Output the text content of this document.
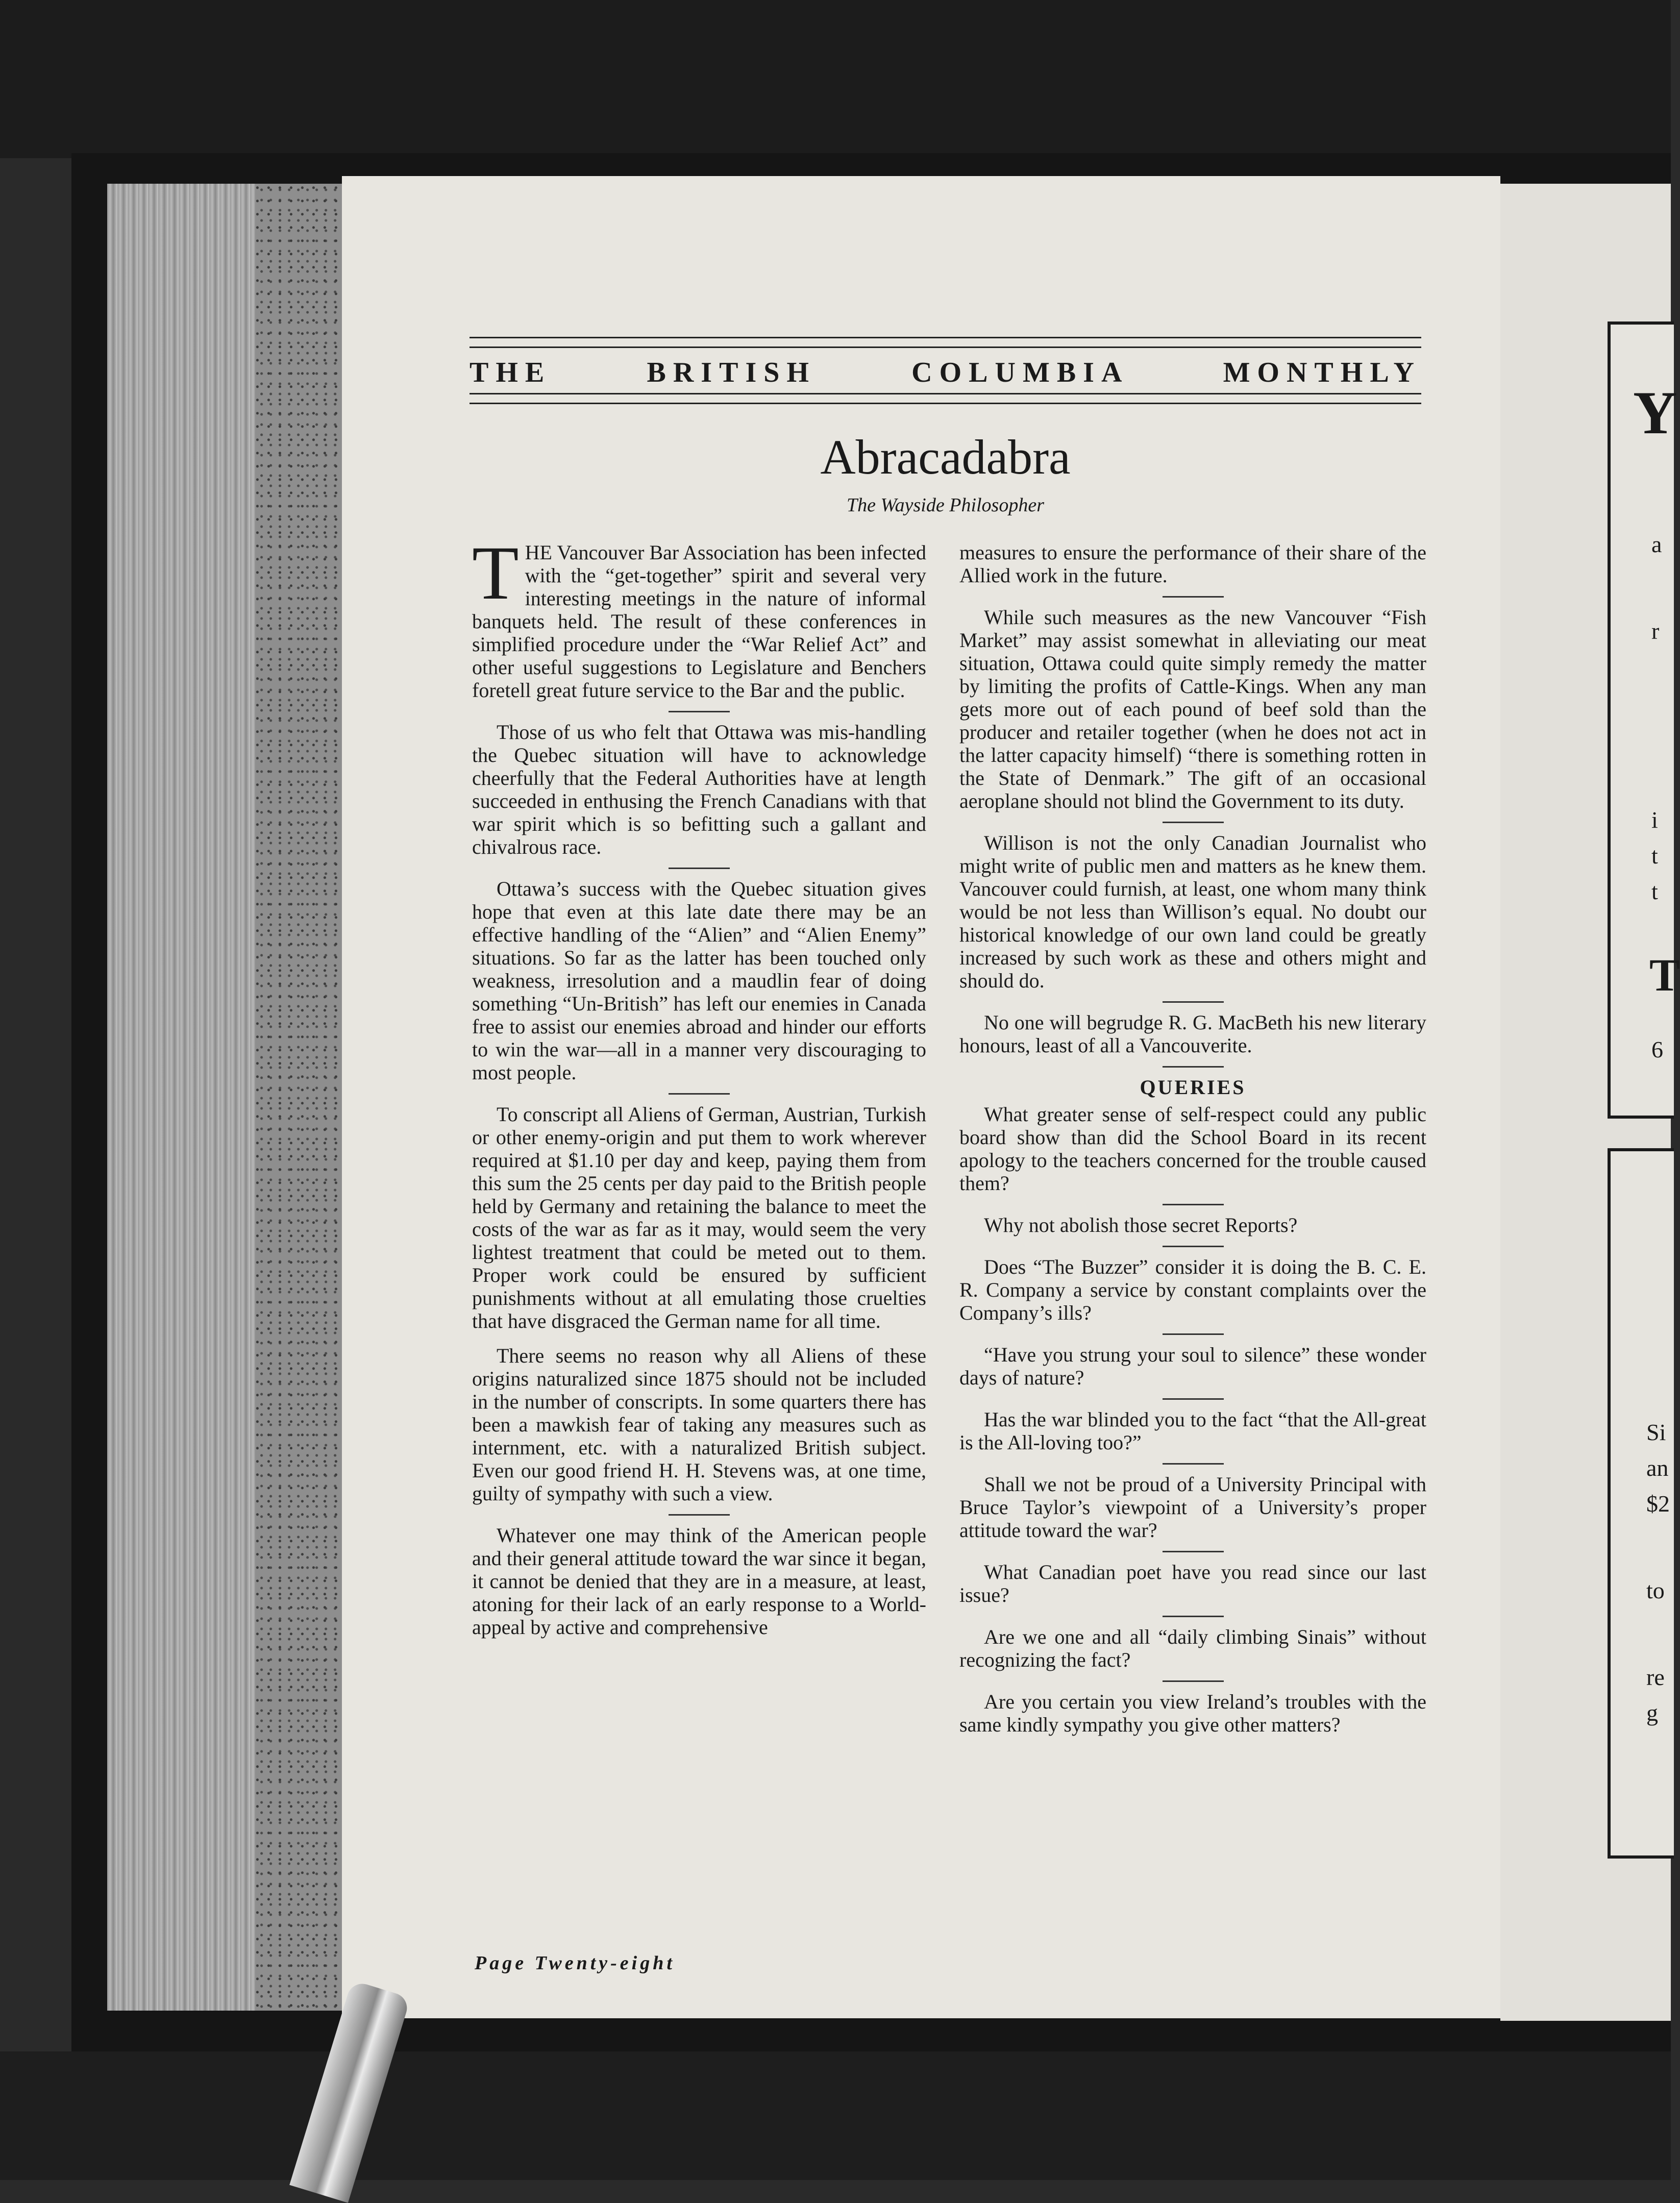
Y
a
r
i
t
t
T
6
Si
an
$2
to
re
g
THE BRITISH COLUMBIA MONTHLY
Abracadabra
The Wayside Philosopher

THE Vancouver Bar Association has been infected with the “get-together” spirit and several very interesting meetings in the nature of informal banquets held. The result of these conferences in simplified procedure under the “War Relief Act” and other useful suggestions to Legislature and Benchers foretell great future service to the Bar and the public.

Those of us who felt that Ottawa was mis-handling the Quebec situation will have to acknowledge cheerfully that the Federal Authorities have at length succeeded in enthusing the French Canadians with that war spirit which is so befitting such a gallant and chivalrous race.

Ottawa’s success with the Quebec situation gives hope that even at this late date there may be an effective handling of the “Alien” and “Alien Enemy” situations. So far as the latter has been touched only weakness, irresolution and a maudlin fear of doing something “Un-British” has left our enemies in Canada free to assist our enemies abroad and hinder our efforts to win the war—all in a manner very discouraging to most people.

To conscript all Aliens of German, Austrian, Turkish or other enemy-origin and put them to work wherever required at $1.10 per day and keep, paying them from this sum the 25 cents per day paid to the British people held by Germany and retaining the balance to meet the costs of the war as far as it may, would seem the very lightest treatment that could be meted out to them. Proper work could be ensured by sufficient punishments without at all emulating those cruelties that have disgraced the German name for all time.

There seems no reason why all Aliens of these origins naturalized since 1875 should not be included in the number of conscripts. In some quarters there has been a mawkish fear of taking any measures such as internment, etc. with a naturalized British subject. Even our good friend H. H. Stevens was, at one time, guilty of sympathy with such a view.

Whatever one may think of the American people and their general attitude toward the war since it began, it cannot be denied that they are in a measure, at least, atoning for their lack of an early response to a World-appeal by active and comprehensive

measures to ensure the performance of their share of the Allied work in the future.

While such measures as the new Vancouver “Fish Market” may assist somewhat in alleviating our meat situation, Ottawa could quite simply remedy the matter by limiting the profits of Cattle-Kings. When any man gets more out of each pound of beef sold than the producer and retailer together (when he does not act in the latter capacity himself) “there is something rotten in the State of Denmark.” The gift of an occasional aeroplane should not blind the Government to its duty.

Willison is not the only Canadian Journalist who might write of public men and matters as he knew them. Vancouver could furnish, at least, one whom many think would be not less than Willison’s equal. No doubt our historical knowledge of our own land could be greatly increased by such work as these and others might and should do.

No one will begrudge R. G. MacBeth his new literary honours, least of all a Vancouverite.

QUERIES

What greater sense of self-respect could any public board show than did the School Board in its recent apology to the teachers concerned for the trouble caused them?

Why not abolish those secret Reports?

Does “The Buzzer” consider it is doing the B. C. E. R. Company a service by constant complaints over the Company’s ills?

“Have you strung your soul to silence” these wonder days of nature?

Has the war blinded you to the fact “that the All-great is the All-loving too?”

Shall we not be proud of a University Principal with Bruce Taylor’s viewpoint of a University’s proper attitude toward the war?

What Canadian poet have you read since our last issue?

Are we one and all “daily climbing Sinais” without recognizing the fact?

Are you certain you view Ireland’s troubles with the same kindly sympathy you give other matters?

Page Twenty-eight
